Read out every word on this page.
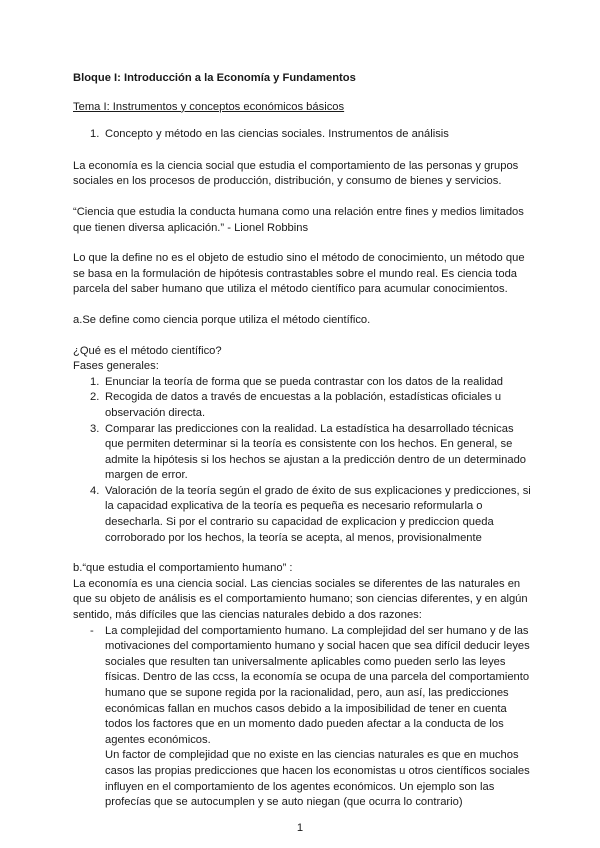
Bloque I: Introducción a la Economía y Fundamentos

Tema I: Instrumentos y conceptos económicos básicos

1. Concepto y método en las ciencias sociales. Instrumentos de análisis

La economía es la ciencia social que estudia el comportamiento de las personas y grupos sociales en los procesos de producción, distribución, y consumo de bienes y servicios.

“Ciencia que estudia la conducta humana como una relación entre fines y medios limitados que tienen diversa aplicación.” - Lionel Robbins

Lo que la define no es el objeto de estudio sino el método de conocimiento, un método que se basa en la formulación de hipótesis contrastables sobre el mundo real. Es ciencia toda parcela del saber humano que utiliza el método científico para acumular conocimientos.

a.Se define como ciencia porque utiliza el método científico.

¿Qué es el método científico?

Fases generales:

1. Enunciar la teoría de forma que se pueda contrastar con los datos de la realidad
2. Recogida de datos a través de encuestas a la población, estadísticas oficiales u observación directa.
3. Comparar las predicciones con la realidad. La estadística ha desarrollado técnicas que permiten determinar si la teoría es consistente con los hechos. En general, se admite la hipótesis si los hechos se ajustan a la predicción dentro de un determinado margen de error.
4. Valoración de la teoría según el grado de éxito de sus explicaciones y predicciones, si la capacidad explicativa de la teoría es pequeña es necesario reformularla o desecharla. Si por el contrario su capacidad de explicacion y prediccion queda corroborado por los hechos, la teoría se acepta, al menos, provisionalmente

b.“que estudia el comportamiento humano” :

La economía es una ciencia social. Las ciencias sociales se diferentes de las naturales en que su objeto de análisis es el comportamiento humano; son ciencias diferentes, y en algún sentido, más difíciles que las ciencias naturales debido a dos razones:

- La complejidad del comportamiento humano. La complejidad del ser humano y de las motivaciones del comportamiento humano y social hacen que sea difícil deducir leyes sociales que resulten tan universalmente aplicables como pueden serlo las leyes físicas. Dentro de las ccss, la economía se ocupa de una parcela del comportamiento humano que se supone regida por la racionalidad, pero, aun así, las predicciones económicas fallan en muchos casos debido a la imposibilidad de tener en cuenta todos los factores que en un momento dado pueden afectar a la conducta de los agentes económicos.

Un factor de complejidad que no existe en las ciencias naturales es que en muchos casos las propias predicciones que hacen los economistas u otros científicos sociales influyen en el comportamiento de los agentes económicos. Un ejemplo son las profecías que se autocumplen y se auto niegan (que ocurra lo contrario)

1
